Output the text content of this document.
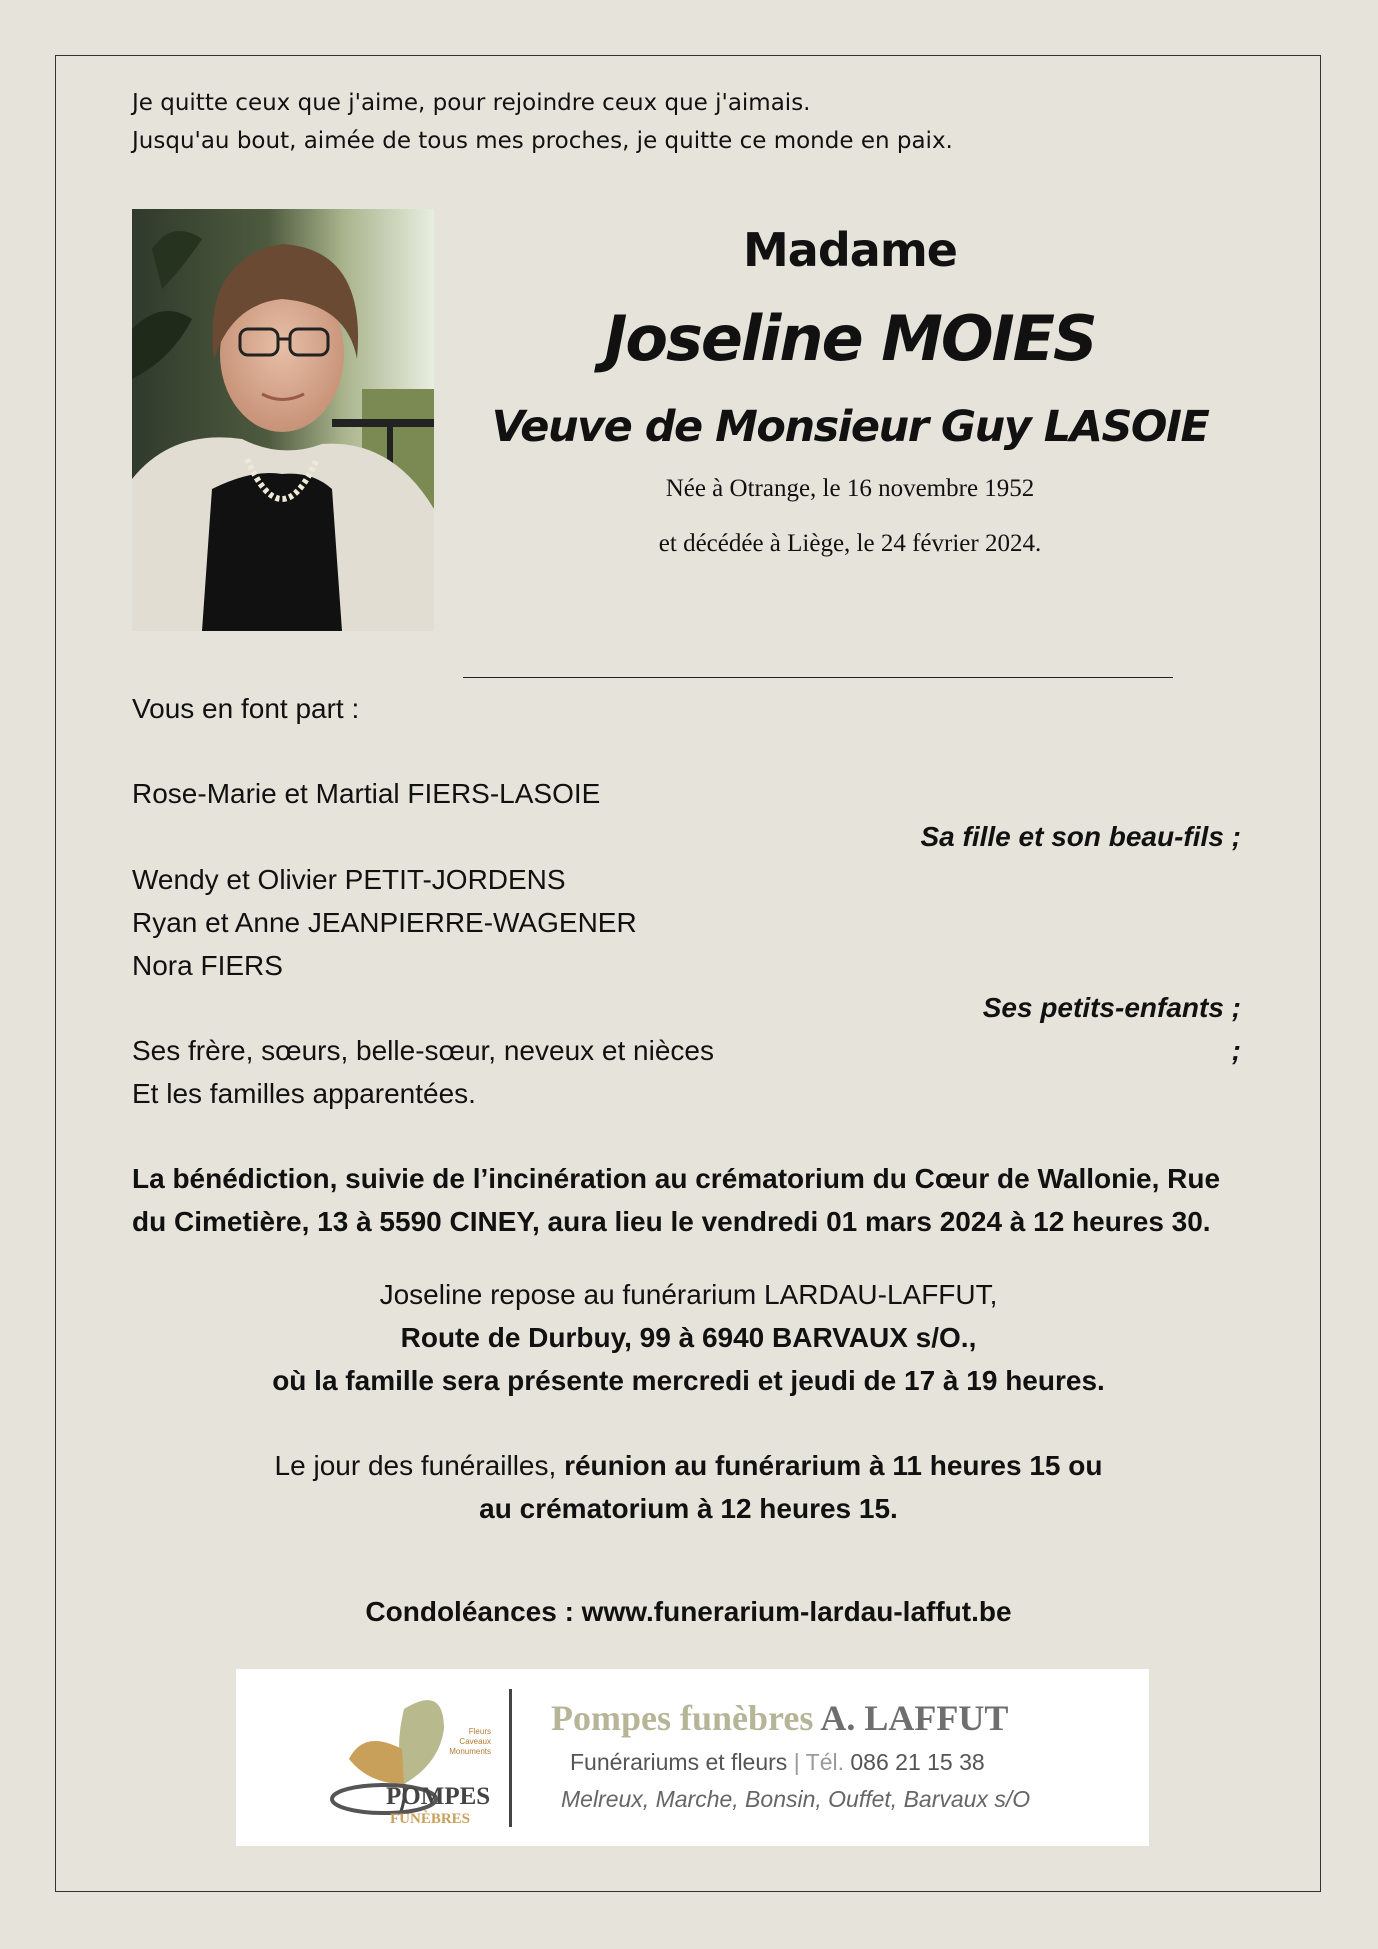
Je quitte ceux que j'aime, pour rejoindre ceux que j'aimais.
Jusqu'au bout, aimée de tous mes proches, je quitte ce monde en paix.
Madame
Joseline MOIES
Veuve de Monsieur Guy LASOIE
Née à Otrange, le 16 novembre 1952
et décédée à Liège, le 24 février 2024.
Vous en font part :
Rose-Marie et Martial FIERS-LASOIE
Sa fille et son beau-fils ;
Wendy et Olivier PETIT-JORDENS
Ryan et Anne JEANPIERRE-WAGENER
Nora FIERS
Ses petits-enfants ;
Ses frère, sœurs, belle-sœur, neveux et nièces	;
Et les familles apparentées.
La bénédiction, suivie de l’incinération au crématorium du Cœur de Wallonie, Rue
du Cimetière, 13 à 5590 CINEY, aura lieu le vendredi 01 mars 2024 à 12 heures 30.
Joseline repose au funérarium LARDAU-LAFFUT,
Route de Durbuy, 99 à 6940 BARVAUX s/O.,
où la famille sera présente mercredi et jeudi de 17 à 19 heures.
Le jour des funérailles, réunion au funérarium à 11 heures 15 ou
au crématorium à 12 heures 15.
Condoléances : www.funerarium-lardau-laffut.be
POMPES
FUNÈBRES
Fleurs
Caveaux
Monuments
Pompes funèbres A. LAFFUT
Funérariums et fleurs | Tél. 086 21 15 38
Melreux, Marche, Bonsin, Ouffet, Barvaux s/O
